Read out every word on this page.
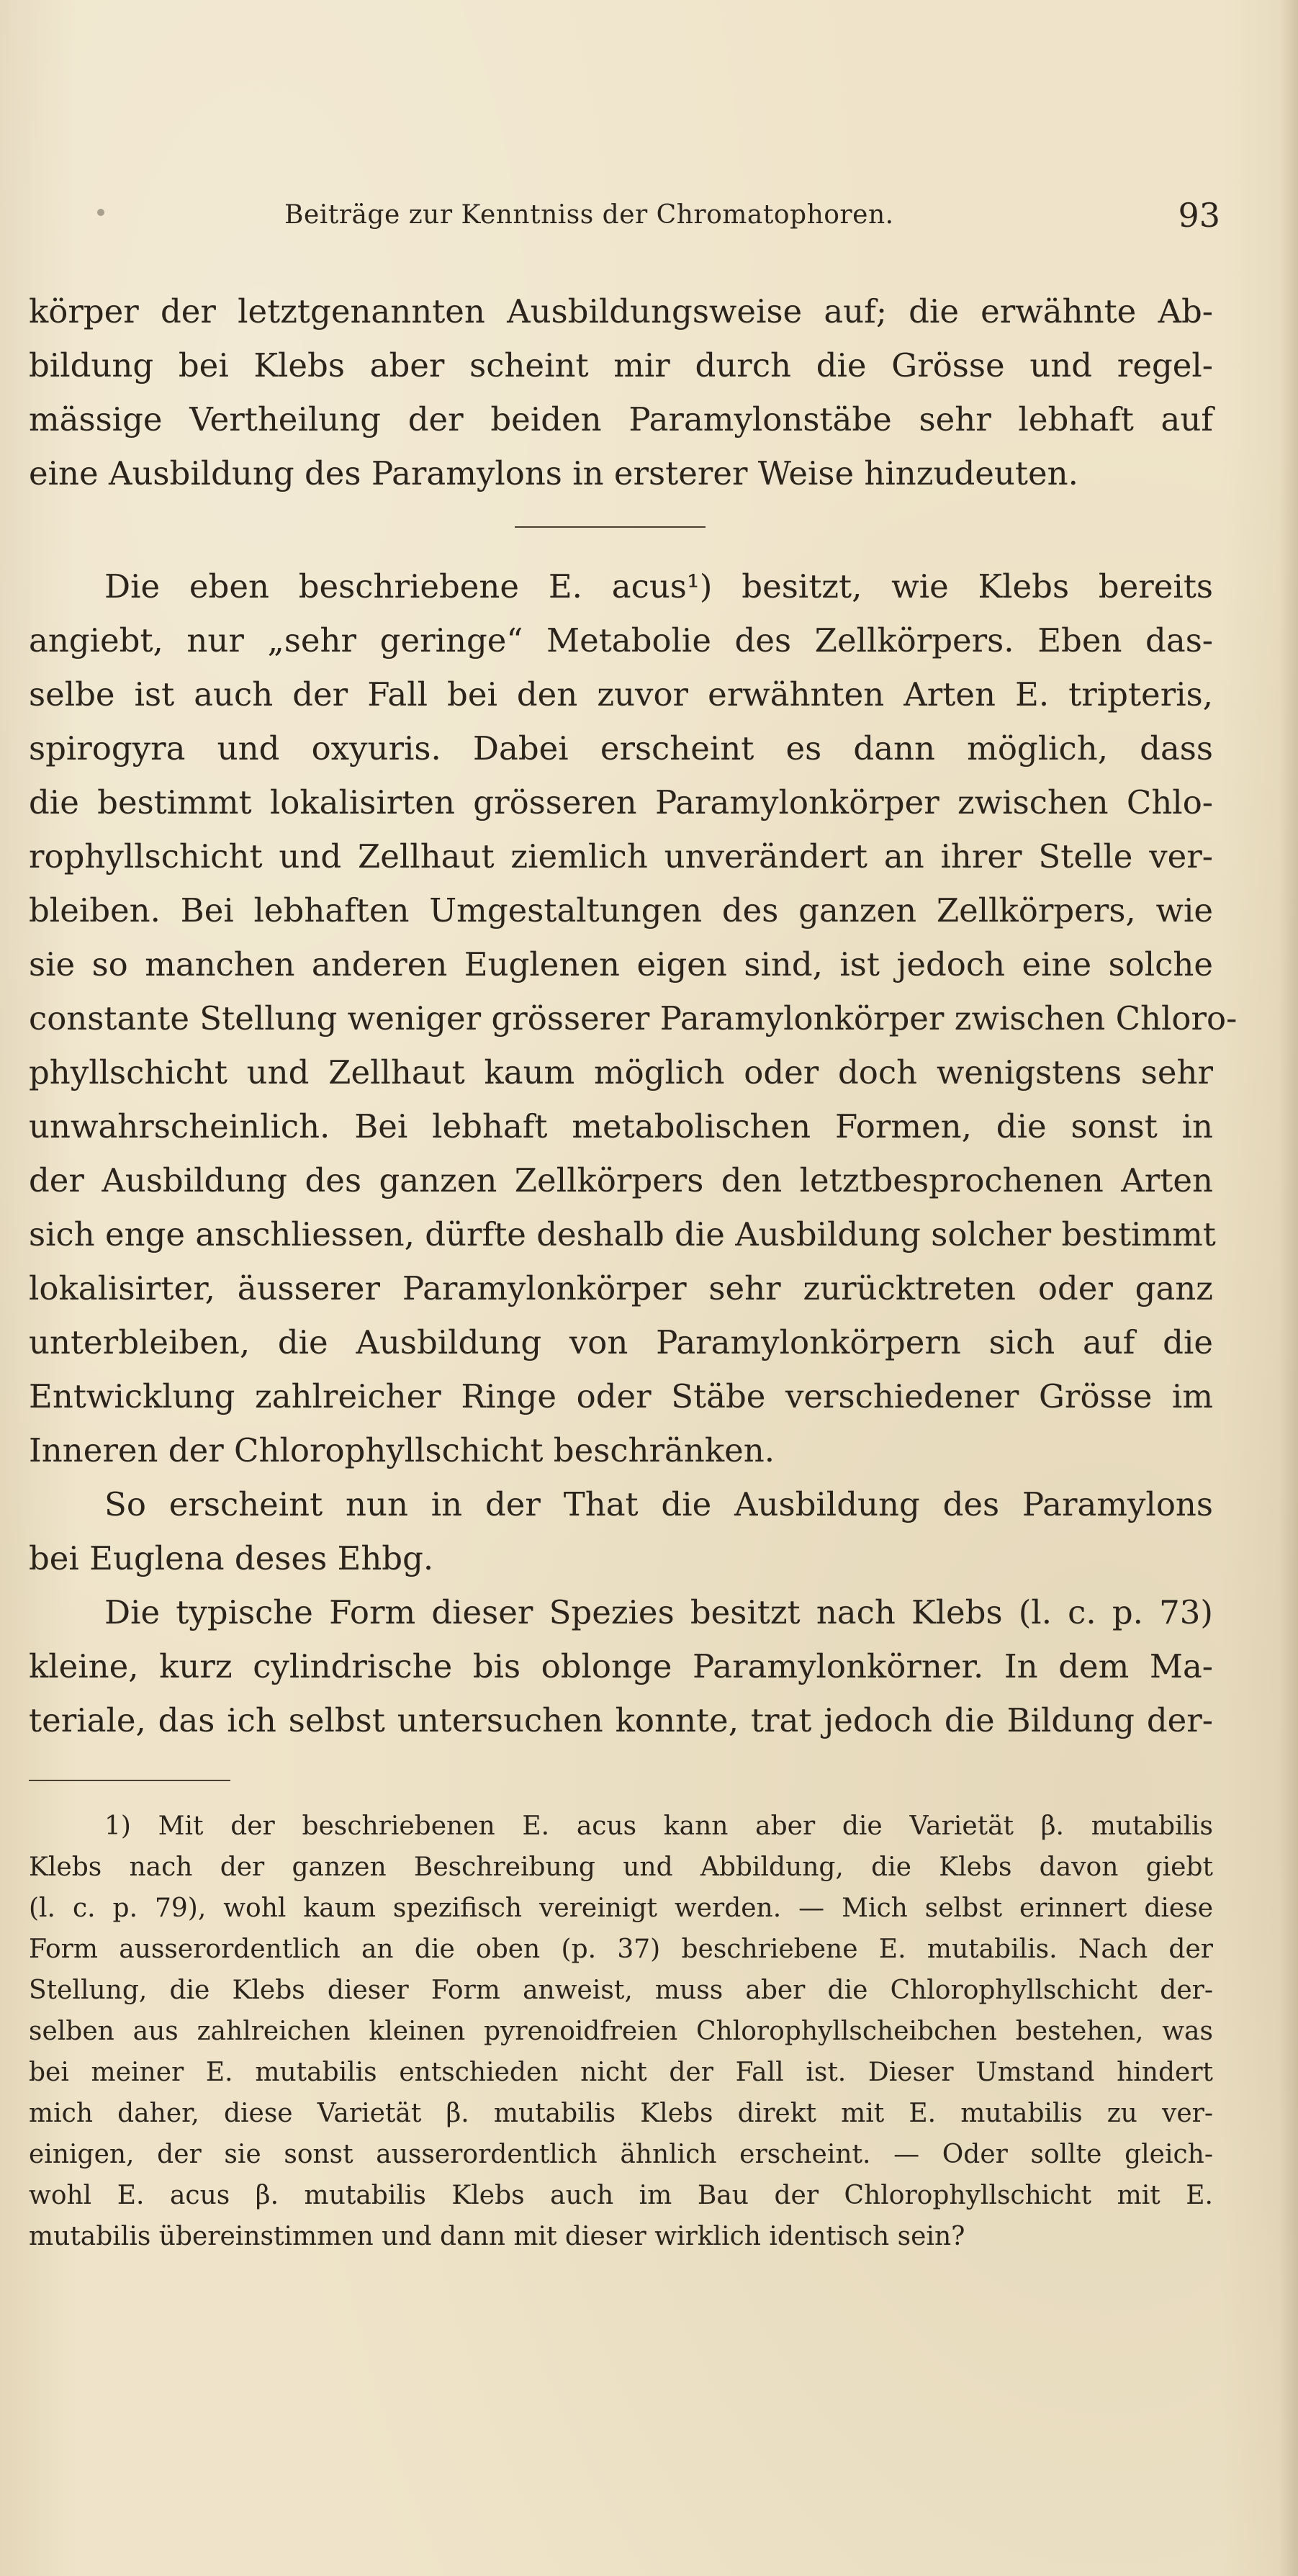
Beiträge zur Kenntniss der Chromatophoren.	93
körper der letztgenannten Ausbildungsweise auf; die erwähnte Ab-
bildung bei Klebs aber scheint mir durch die Grösse und regel-
mässige Vertheilung der beiden Paramylonstäbe sehr lebhaft auf
eine Ausbildung des Paramylons in ersterer Weise hinzudeuten.
Die eben beschriebene E. acus¹) besitzt, wie Klebs bereits
angiebt, nur „sehr geringe“ Metabolie des Zellkörpers. Eben das-
selbe ist auch der Fall bei den zuvor erwähnten Arten E. tripteris,
spirogyra und oxyuris. Dabei erscheint es dann möglich, dass
die bestimmt lokalisirten grösseren Paramylonkörper zwischen Chlo-
rophyllschicht und Zellhaut ziemlich unverändert an ihrer Stelle ver-
bleiben. Bei lebhaften Umgestaltungen des ganzen Zellkörpers, wie
sie so manchen anderen Euglenen eigen sind, ist jedoch eine solche
constante Stellung weniger grösserer Paramylonkörper zwischen Chloro-
phyllschicht und Zellhaut kaum möglich oder doch wenigstens sehr
unwahrscheinlich. Bei lebhaft metabolischen Formen, die sonst in
der Ausbildung des ganzen Zellkörpers den letztbesprochenen Arten
sich enge anschliessen, dürfte deshalb die Ausbildung solcher bestimmt
lokalisirter, äusserer Paramylonkörper sehr zurücktreten oder ganz
unterbleiben, die Ausbildung von Paramylonkörpern sich auf die
Entwicklung zahlreicher Ringe oder Stäbe verschiedener Grösse im
Inneren der Chlorophyllschicht beschränken.
So erscheint nun in der That die Ausbildung des Paramylons
bei Euglena deses Ehbg.
Die typische Form dieser Spezies besitzt nach Klebs (l. c. p. 73)
kleine, kurz cylindrische bis oblonge Paramylonkörner. In dem Ma-
teriale, das ich selbst untersuchen konnte, trat jedoch die Bildung der-
1) Mit der beschriebenen E. acus kann aber die Varietät β. mutabilis
Klebs nach der ganzen Beschreibung und Abbildung, die Klebs davon giebt
(l. c. p. 79), wohl kaum spezifisch vereinigt werden. — Mich selbst erinnert diese
Form ausserordentlich an die oben (p. 37) beschriebene E. mutabilis. Nach der
Stellung, die Klebs dieser Form anweist, muss aber die Chlorophyllschicht der-
selben aus zahlreichen kleinen pyrenoidfreien Chlorophyllscheibchen bestehen, was
bei meiner E. mutabilis entschieden nicht der Fall ist. Dieser Umstand hindert
mich daher, diese Varietät β. mutabilis Klebs direkt mit E. mutabilis zu ver-
einigen, der sie sonst ausserordentlich ähnlich erscheint. — Oder sollte gleich-
wohl E. acus β. mutabilis Klebs auch im Bau der Chlorophyllschicht mit E.
mutabilis übereinstimmen und dann mit dieser wirklich identisch sein?
